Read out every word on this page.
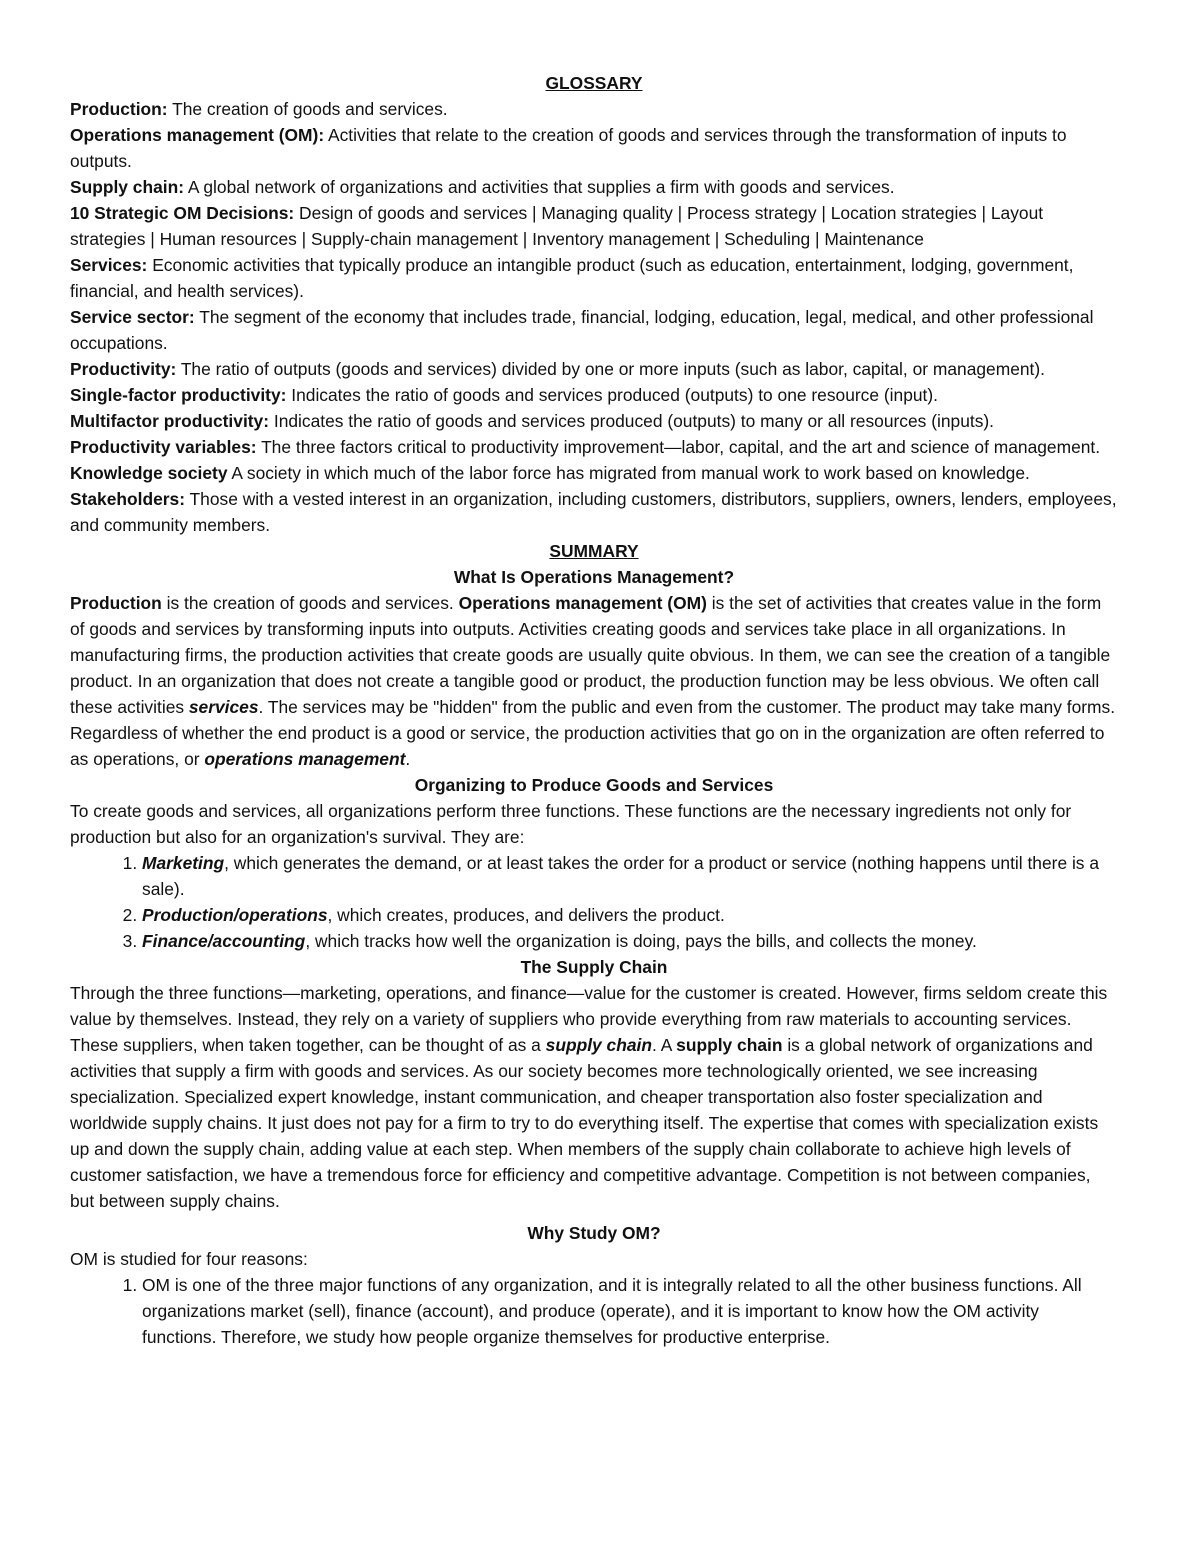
GLOSSARY

Production: The creation of goods and services.

Operations management (OM): Activities that relate to the creation of goods and services through the transformation of inputs to outputs.

Supply chain: A global network of organizations and activities that supplies a firm with goods and services.

10 Strategic OM Decisions: Design of goods and services | Managing quality | Process strategy | Location strategies | Layout strategies | Human resources | Supply-chain management | Inventory management | Scheduling | Maintenance

Services: Economic activities that typically produce an intangible product (such as education, entertainment, lodging, government, financial, and health services).

Service sector: The segment of the economy that includes trade, financial, lodging, education, legal, medical, and other professional occupations.

Productivity: The ratio of outputs (goods and services) divided by one or more inputs (such as labor, capital, or management).

Single-factor productivity: Indicates the ratio of goods and services produced (outputs) to one resource (input).

Multifactor productivity: Indicates the ratio of goods and services produced (outputs) to many or all resources (inputs).

Productivity variables: The three factors critical to productivity improvement—labor, capital, and the art and science of management.

Knowledge society A society in which much of the labor force has migrated from manual work to work based on knowledge.

Stakeholders: Those with a vested interest in an organization, including customers, distributors, suppliers, owners, lenders, employees, and community members.

SUMMARY

What Is Operations Management?

Production is the creation of goods and services. Operations management (OM) is the set of activities that creates value in the form of goods and services by transforming inputs into outputs. Activities creating goods and services take place in all organizations. In manufacturing firms, the production activities that create goods are usually quite obvious. In them, we can see the creation of a tangible product. In an organization that does not create a tangible good or product, the production function may be less obvious. We often call these activities services. The services may be "hidden" from the public and even from the customer. The product may take many forms. Regardless of whether the end product is a good or service, the production activities that go on in the organization are often referred to as operations, or operations management.

Organizing to Produce Goods and Services

To create goods and services, all organizations perform three functions. These functions are the necessary ingredients not only for production but also for an organization's survival. They are:

1. Marketing, which generates the demand, or at least takes the order for a product or service (nothing happens until there is a sale).
2. Production/operations, which creates, produces, and delivers the product.
3. Finance/accounting, which tracks how well the organization is doing, pays the bills, and collects the money.

The Supply Chain

Through the three functions—marketing, operations, and finance—value for the customer is created. However, firms seldom create this value by themselves. Instead, they rely on a variety of suppliers who provide everything from raw materials to accounting services. These suppliers, when taken together, can be thought of as a supply chain. A supply chain is a global network of organizations and activities that supply a firm with goods and services. As our society becomes more technologically oriented, we see increasing specialization. Specialized expert knowledge, instant communication, and cheaper transportation also foster specialization and worldwide supply chains. It just does not pay for a firm to try to do everything itself. The expertise that comes with specialization exists up and down the supply chain, adding value at each step. When members of the supply chain collaborate to achieve high levels of customer satisfaction, we have a tremendous force for efficiency and competitive advantage. Competition is not between companies, but between supply chains.

Why Study OM?

OM is studied for four reasons:

1. OM is one of the three major functions of any organization, and it is integrally related to all the other business functions. All organizations market (sell), finance (account), and produce (operate), and it is important to know how the OM activity functions. Therefore, we study how people organize themselves for productive enterprise.
